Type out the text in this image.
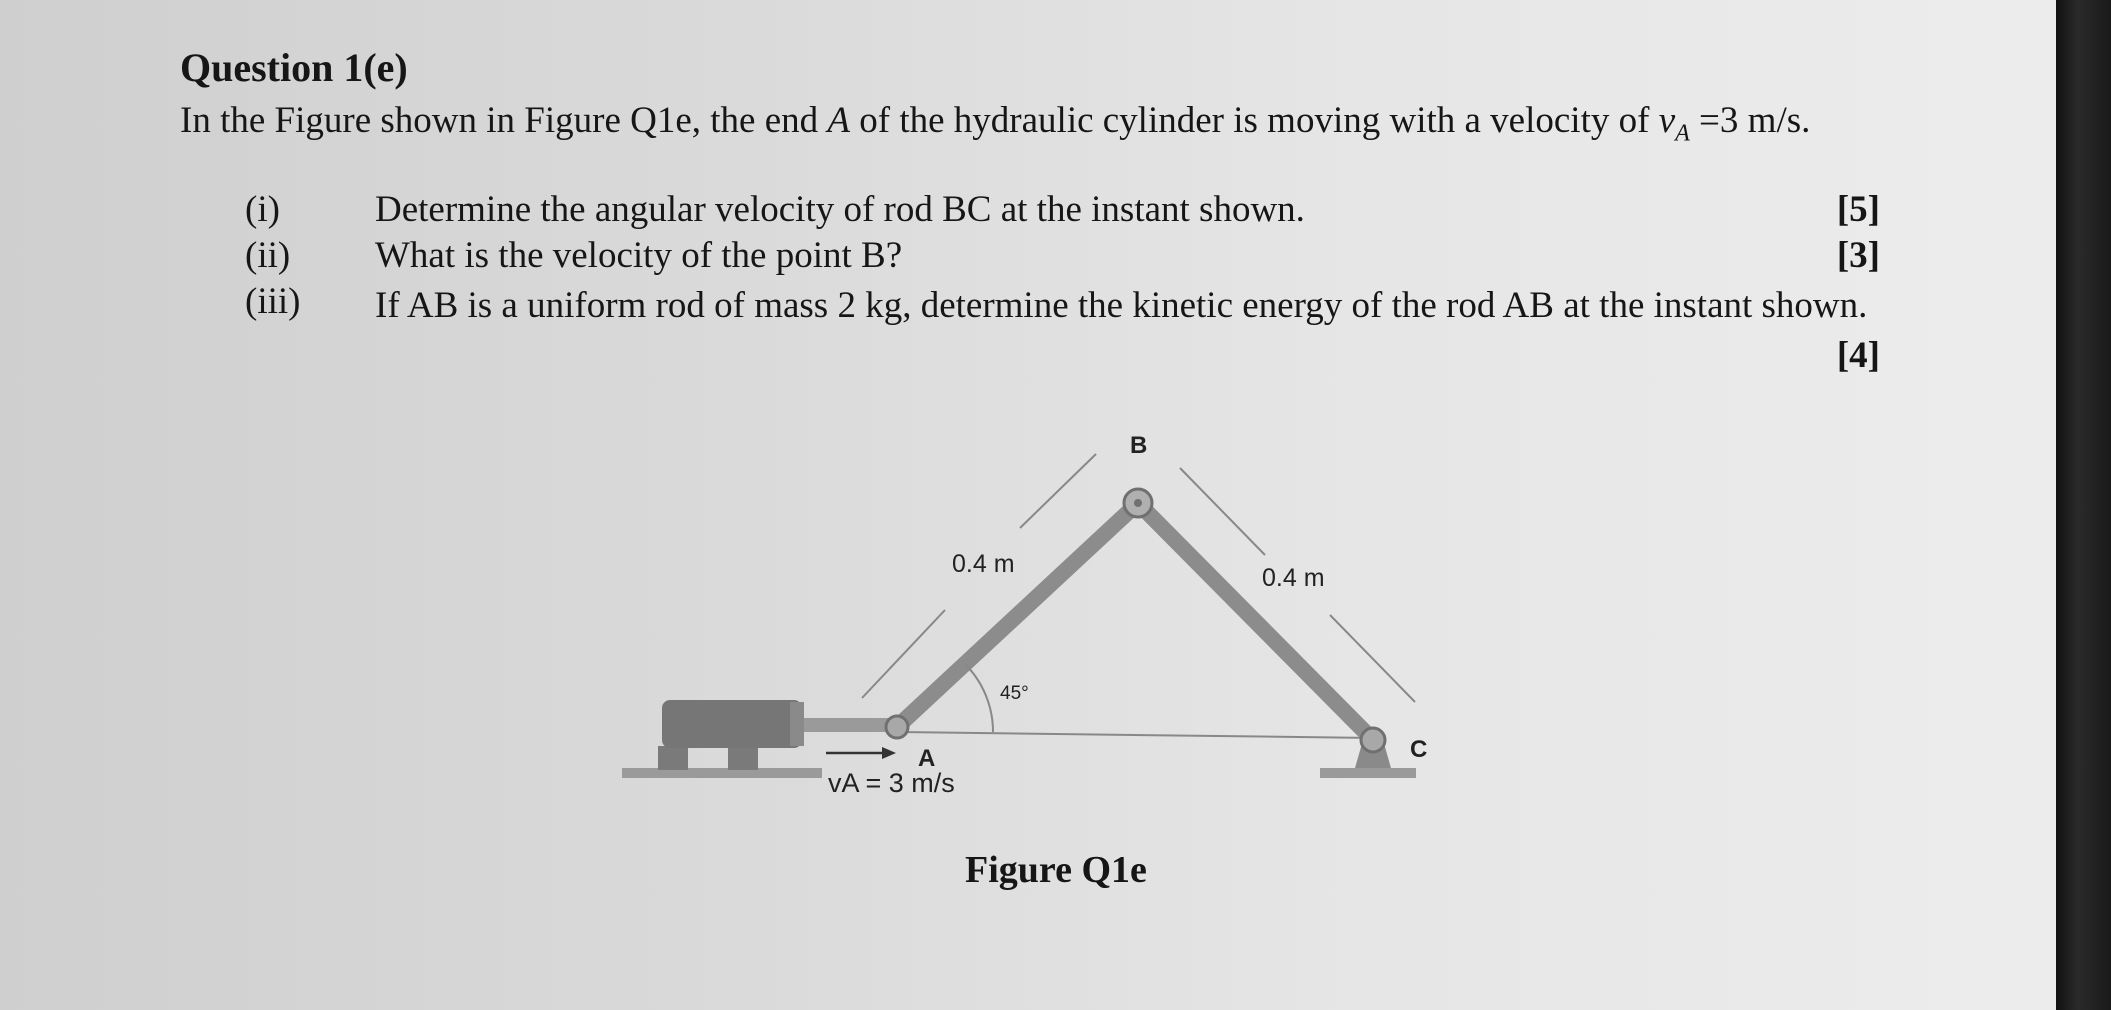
Question 1(e)

In the Figure shown in Figure Q1e, the end A of the hydraulic cylinder is moving with a velocity of $v_A =3$ m/s.

(i)	Determine the angular velocity of rod BC at the instant shown.	[5]
(ii) What is the velocity of the point B?	[3]
(iii) If AB is a uniform rod of mass 2 kg, determine the kinetic energy of the rod AB at the instant shown.
[4]
B
0.4 m	0.4 m
45°
A	C
vA = 3 m/s
Figure Q1e
